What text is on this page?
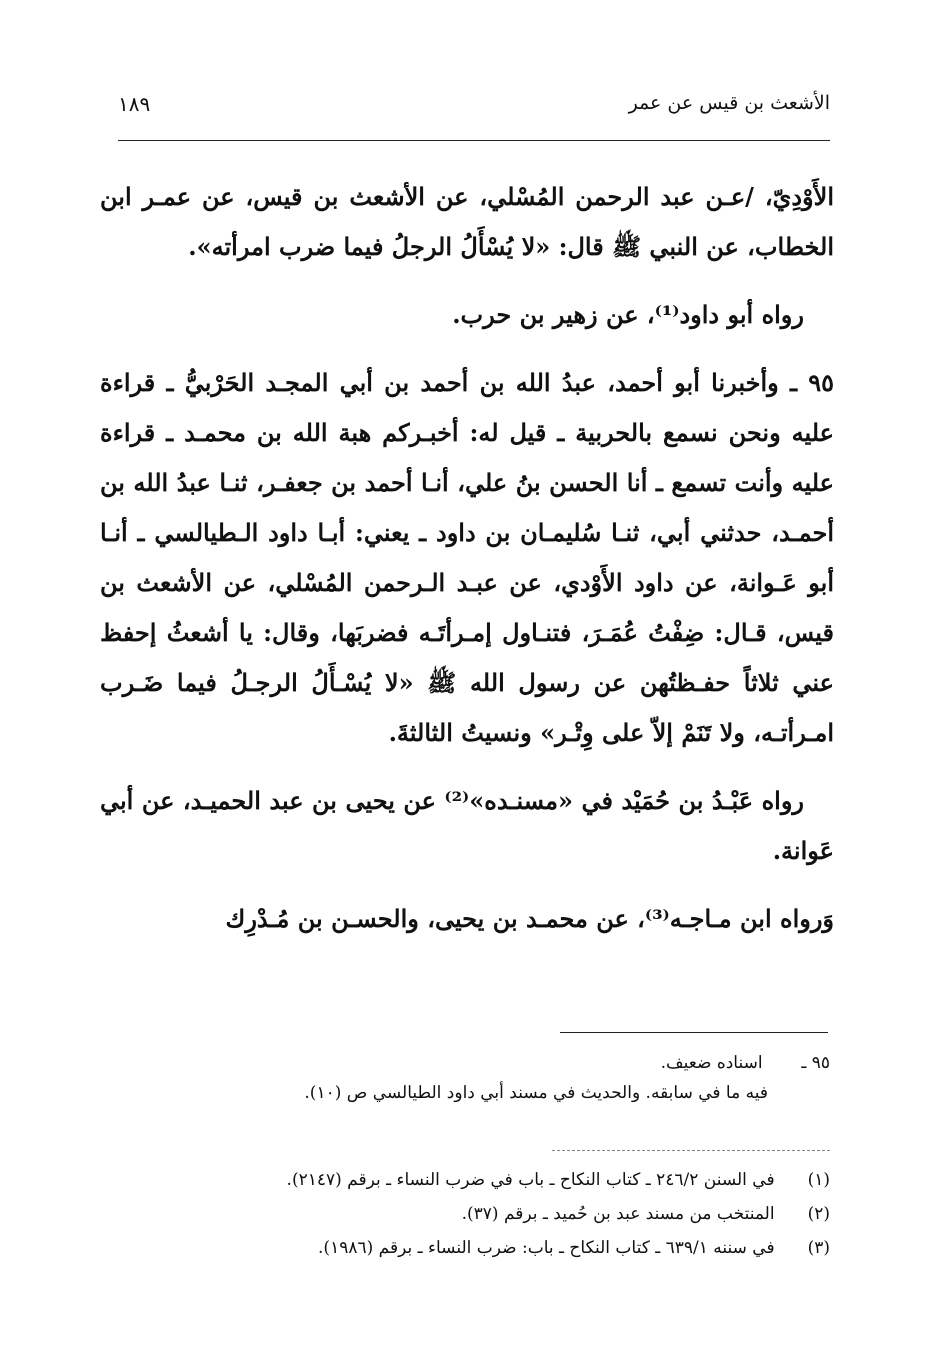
الأشعث بن قيس عن عمر
١٨٩

الأَوْدِيّ، /عـن عبد الرحمن المُسْلي، عن الأشعث بن قيس، عن عمـر ابن الخطاب، عن النبي ﷺ قال: «لا يُسْأَلُ الرجلُ فيما ضرب امرأته».

رواه أبو داود⁽¹⁾، عن زهير بن حرب.

٩٥ ـ وأخبرنا أبو أحمد، عبدُ الله بن أحمد بن أبي المجـد الحَرْبيُّ ـ قراءة عليه ونحن نسمع بالحربية ـ قيل له: أخبـركم هبة الله بن محمـد ـ قراءة عليه وأنت تسمع ـ أنا الحسن بنُ علي، أنـا أحمد بن جعفـر، ثنـا عبدُ الله بن أحمـد، حدثني أبي، ثنـا سُليمـان بن داود ـ يعني: أبـا داود الـطيالسي ـ أنـا أبو عَـوانة، عن داود الأَوْدي، عن عبـد الـرحمن المُسْلي، عن الأشعث بن قيس، قـال: ضِفْتُ عُمَـرَ، فتنـاول إمـرأتَـه فضربَها، وقال: يا أشعثُ إحفظ عني ثلاثاً حفـظتُهن عن رسول الله ﷺ «لا يُسْـأَلُ الرجـلُ فيما ضَـرب امـرأتـه، ولا تَنَمْ إلاّ على وِتْـر» ونسيتُ الثالثةَ.

رواه عَبْـدُ بن حُمَيْد في «مسنـده»⁽²⁾ عن يحيى بن عبد الحميـد، عن أبي عَوانة.

وَرواه ابن مـاجـه⁽³⁾، عن محمـد بن يحيى، والحسـن بن مُـدْرِك

٩٥ ـ اسناده ضعيف.

فيه ما في سابقه. والحديث في مسند أبي داود الطيالسي ص (١٠).

(١) في السنن ٢٤٦/٢ ـ كتاب النكاح ـ باب في ضرب النساء ـ برقم (٢١٤٧).

(٢) المنتخب من مسند عبد بن حُميد ـ برقم (٣٧).

(٣) في سننه ٦٣٩/١ ـ كتاب النكاح ـ باب: ضرب النساء ـ برقم (١٩٨٦).
